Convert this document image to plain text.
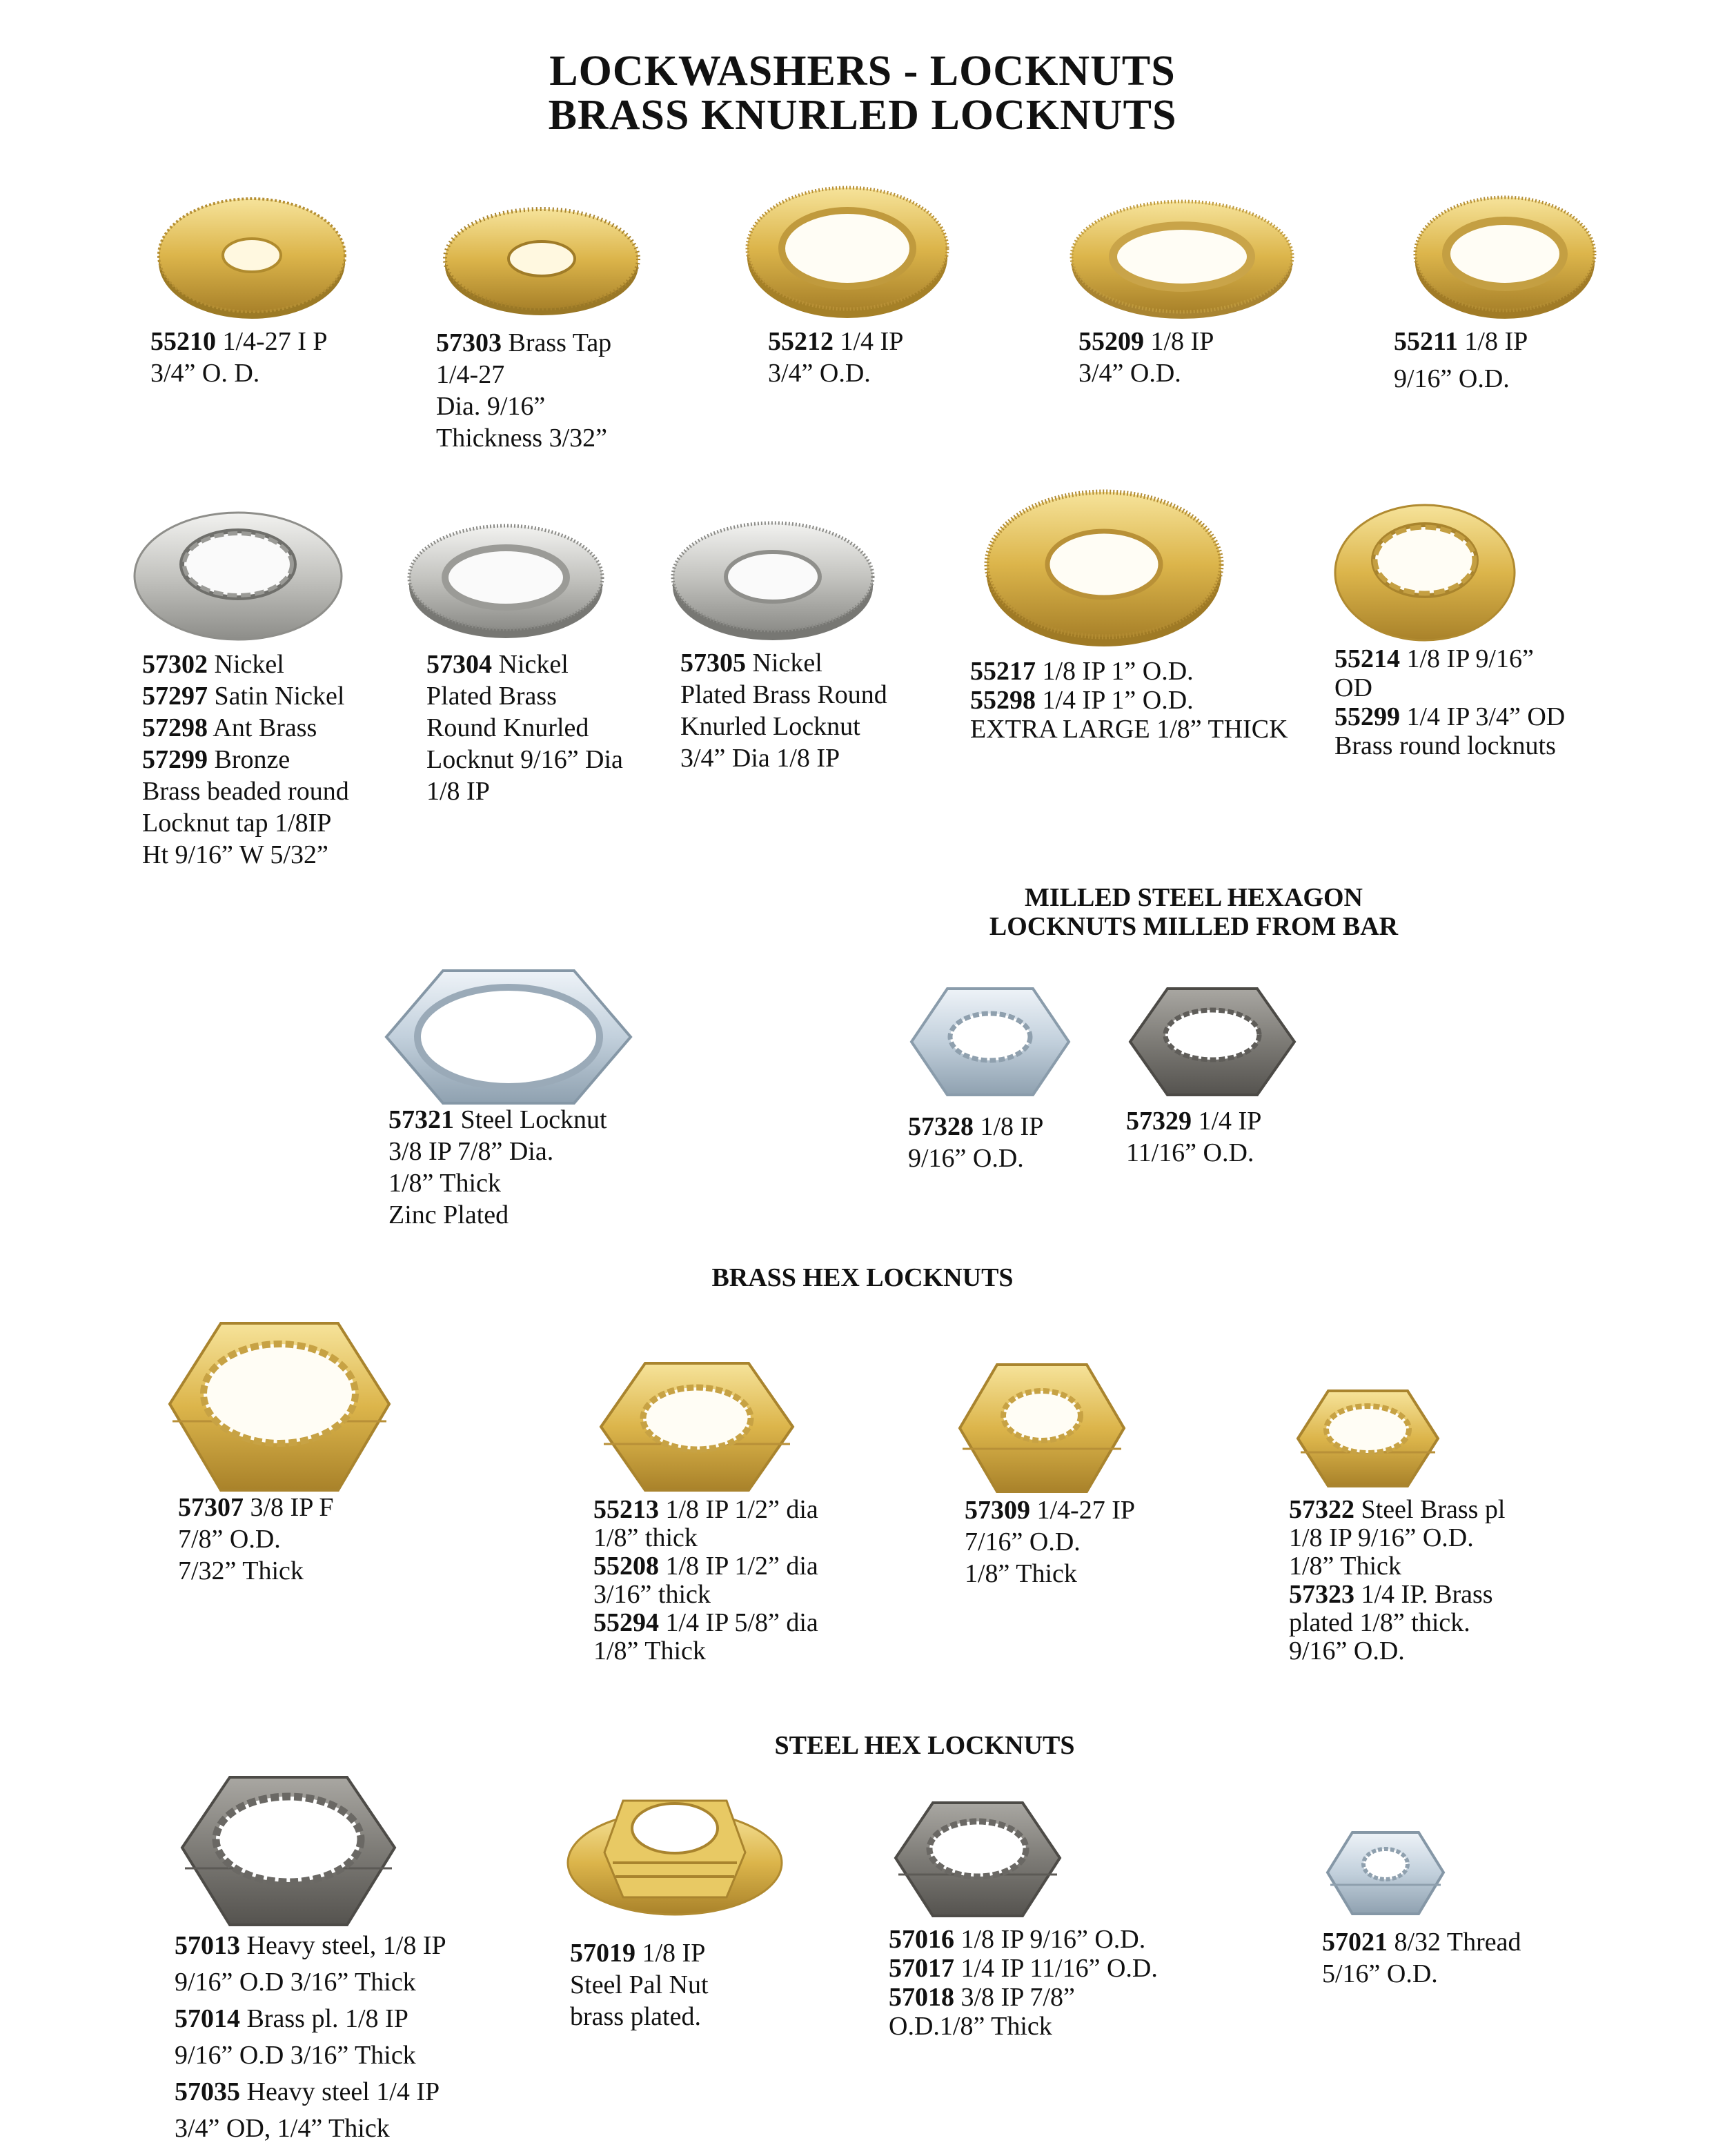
LOCKWASHERS - LOCKNUTS
BRASS KNURLED LOCKNUTS
55210 1/4-27 I P
3/4” O. D.
57303 Brass Tap
1/4-27
Dia. 9/16”
Thickness 3/32”
55212 1/4 IP
3/4” O.D.
55209 1/8 IP
3/4” O.D.
55211 1/8 IP
9/16” O.D.
57302 Nickel
57297 Satin Nickel
57298 Ant Brass
57299 Bronze
Brass beaded round
Locknut tap 1/8IP
Ht 9/16” W 5/32”
57304 Nickel
Plated Brass
Round Knurled
Locknut 9/16” Dia
1/8 IP
57305 Nickel
Plated Brass Round
Knurled Locknut
3/4” Dia 1/8 IP
55217 1/8 IP 1” O.D.
55298 1/4 IP 1” O.D.
EXTRA LARGE 1/8” THICK
55214 1/8 IP 9/16”
OD
55299 1/4 IP 3/4” OD
Brass round locknuts
MILLED STEEL HEXAGON
LOCKNUTS MILLED FROM BAR
57321 Steel Locknut
3/8 IP 7/8” Dia.
1/8” Thick
Zinc Plated
57328 1/8 IP
9/16” O.D.
57329 1/4 IP
11/16” O.D.
BRASS HEX LOCKNUTS
57307 3/8 IP F
7/8” O.D.
7/32” Thick
55213 1/8 IP 1/2” dia
1/8” thick
55208 1/8 IP 1/2” dia
3/16” thick
55294 1/4 IP 5/8” dia
1/8” Thick
57309 1/4-27 IP
7/16” O.D.
1/8” Thick
57322 Steel Brass pl
1/8 IP 9/16” O.D.
1/8” Thick
57323 1/4 IP. Brass
plated 1/8” thick.
9/16” O.D.
STEEL HEX LOCKNUTS
57013 Heavy steel, 1/8 IP
9/16” O.D 3/16” Thick
57014 Brass pl. 1/8 IP
9/16” O.D 3/16” Thick
57035 Heavy steel 1/4 IP
3/4” OD, 1/4” Thick
57019 1/8 IP
Steel Pal Nut
brass plated.
57016 1/8 IP 9/16” O.D.
57017 1/4 IP 11/16” O.D.
57018 3/8 IP 7/8”
O.D.1/8” Thick
57021 8/32 Thread
5/16” O.D.
